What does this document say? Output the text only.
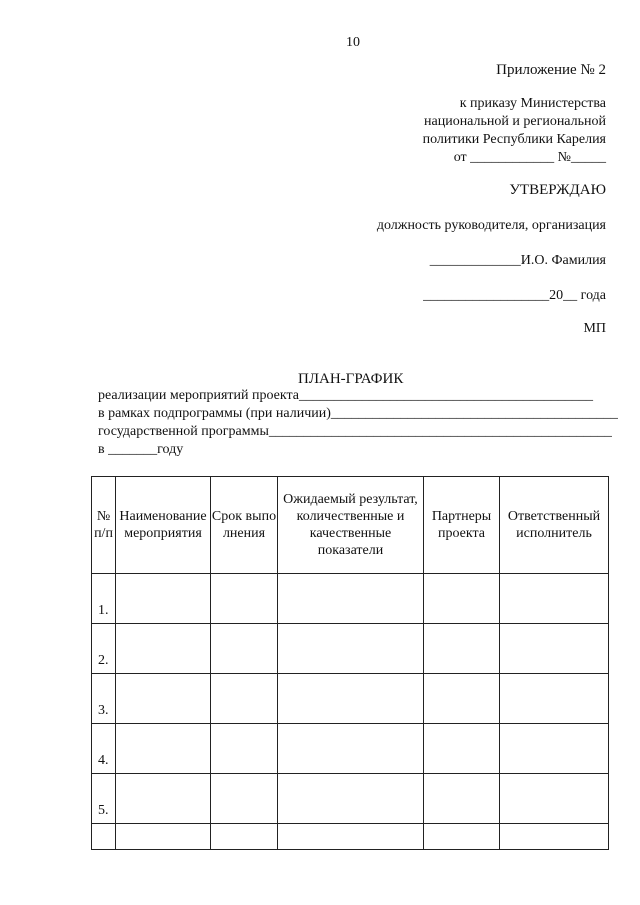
10
Приложение № 2
к приказу Министерства
национальной и региональной
политики Республики Карелия
от ____________ №_____
УТВЕРЖДАЮ
должность руководителя, организация
_____________И.О. Фамилия
__________________20__ года
МП
ПЛАН-ГРАФИК
реализации мероприятий проекта__________________________________________
в рамках подпрограммы (при наличии)_________________________________________
государственной программы_________________________________________________
в _______году
№ п/п	Наименование мероприятия	Срок выполнения	Ожидаемый результат, количественные и качественные показатели	Партнеры проекта	Ответственный исполнитель
1.					
2.					
3.					
4.					
5.					
